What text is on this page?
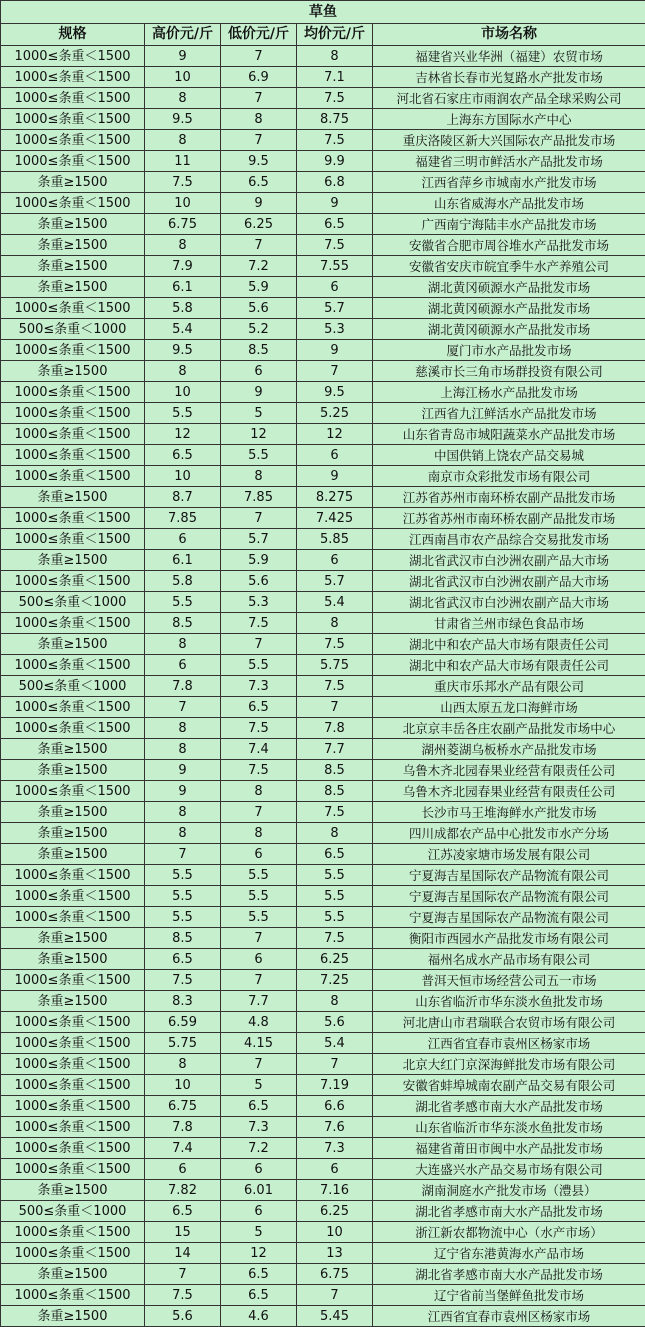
草鱼				
规格	高价元/斤	低价元/斤	均价元/斤	市场名称
1000≤条重＜1500	9	7	8	福建省兴业华洲（福建）农贸市场
1000≤条重＜1500	10	6.9	7.1	吉林省长春市光复路水产批发市场
1000≤条重＜1500	8	7	7.5	河北省石家庄市雨润农产品全球采购公司
1000≤条重＜1500	9.5	8	8.75	上海东方国际水产中心
1000≤条重＜1500	8	7	7.5	重庆洛陵区新大兴国际农产品批发市场
1000≤条重＜1500	11	9.5	9.9	福建省三明市鲜活水产品批发市场
条重≥1500	7.5	6.5	6.8	江西省萍乡市城南水产批发市场
1000≤条重＜1500	10	9	9	山东省威海水产品批发市场
条重≥1500	6.75	6.25	6.5	广西南宁海陆丰水产品批发市场
条重≥1500	8	7	7.5	安徽省合肥市周谷堆水产品批发市场
条重≥1500	7.9	7.2	7.55	安徽省安庆市皖宜季牛水产养殖公司
条重≥1500	6.1	5.9	6	湖北黄冈硕源水产品批发市场
1000≤条重＜1500	5.8	5.6	5.7	湖北黄冈硕源水产品批发市场
500≤条重＜1000	5.4	5.2	5.3	湖北黄冈硕源水产品批发市场
1000≤条重＜1500	9.5	8.5	9	厦门市水产品批发市场
条重≥1500	8	6	7	慈溪市长三角市场群投资有限公司
1000≤条重＜1500	10	9	9.5	上海江杨水产品批发市场
1000≤条重＜1500	5.5	5	5.25	江西省九江鲜活水产品批发市场
1000≤条重＜1500	12	12	12	山东省青岛市城阳蔬菜水产品批发市场
1000≤条重＜1500	6.5	5.5	6	中国供销上饶农产品交易城
1000≤条重＜1500	10	8	9	南京市众彩批发市场有限公司
条重≥1500	8.7	7.85	8.275	江苏省苏州市南环桥农副产品批发市场
1000≤条重＜1500	7.85	7	7.425	江苏省苏州市南环桥农副产品批发市场
1000≤条重＜1500	6	5.7	5.85	江西南昌市农产品综合交易批发市场
条重≥1500	6.1	5.9	6	湖北省武汉市白沙洲农副产品大市场
1000≤条重＜1500	5.8	5.6	5.7	湖北省武汉市白沙洲农副产品大市场
500≤条重＜1000	5.5	5.3	5.4	湖北省武汉市白沙洲农副产品大市场
1000≤条重＜1500	8.5	7.5	8	甘肃省兰州市绿色食品市场
条重≥1500	8	7	7.5	湖北中和农产品大市场有限责任公司
1000≤条重＜1500	6	5.5	5.75	湖北中和农产品大市场有限责任公司
500≤条重＜1000	7.8	7.3	7.5	重庆市乐邦水产品有限公司
1000≤条重＜1500	7	6.5	7	山西太原五龙口海鲜市场
1000≤条重＜1500	8	7.5	7.8	北京京丰岳各庄农副产品批发市场中心
条重≥1500	8	7.4	7.7	湖州菱湖乌板桥水产品批发市场
条重≥1500	9	7.5	8.5	乌鲁木齐北园春果业经营有限责任公司
1000≤条重＜1500	9	8	8.5	乌鲁木齐北园春果业经营有限责任公司
条重≥1500	8	7	7.5	长沙市马王堆海鲜水产批发市场
条重≥1500	8	8	8	四川成都农产品中心批发市水产分场
条重≥1500	7	6	6.5	江苏凌家塘市场发展有限公司
1000≤条重＜1500	5.5	5.5	5.5	宁夏海吉星国际农产品物流有限公司
1000≤条重＜1500	5.5	5.5	5.5	宁夏海吉星国际农产品物流有限公司
1000≤条重＜1500	5.5	5.5	5.5	宁夏海吉星国际农产品物流有限公司
条重≥1500	8.5	7	7.5	衡阳市西园水产品批发市场有限公司
条重≥1500	6.5	6	6.25	福州名成水产品市场有限公司
1000≤条重＜1500	7.5	7	7.25	普洱天恒市场经营公司五一市场
条重≥1500	8.3	7.7	8	山东省临沂市华东淡水鱼批发市场
1000≤条重＜1500	6.59	4.8	5.6	河北唐山市君瑞联合农贸市场有限公司
1000≤条重＜1500	5.75	4.15	5.4	江西省宜春市袁州区杨家市场
1000≤条重＜1500	8	7	7	北京大红门京深海鲜批发市场有限公司
1000≤条重＜1500	10	5	7.19	安徽省蚌埠城南农副产品交易有限公司
1000≤条重＜1500	6.75	6.5	6.6	湖北省孝感市南大水产品批发市场
1000≤条重＜1500	7.8	7.3	7.6	山东省临沂市华东淡水鱼批发市场
1000≤条重＜1500	7.4	7.2	7.3	福建省莆田市闽中水产品批发市场
1000≤条重＜1500	6	6	6	大连盛兴水产品交易市场有限公司
条重≥1500	7.82	6.01	7.16	湖南洞庭水产批发市场（澧县）
500≤条重＜1000	6.5	6	6.25	湖北省孝感市南大水产品批发市场
1000≤条重＜1500	15	5	10	浙江新农都物流中心（水产市场）
1000≤条重＜1500	14	12	13	辽宁省东港黄海水产品市场
条重≥1500	7	6.5	6.75	湖北省孝感市南大水产品批发市场
1000≤条重＜1500	7.5	6.5	7	辽宁省前当堡鲜鱼批发市场
条重≥1500	5.6	4.6	5.45	江西省宜春市袁州区杨家市场
